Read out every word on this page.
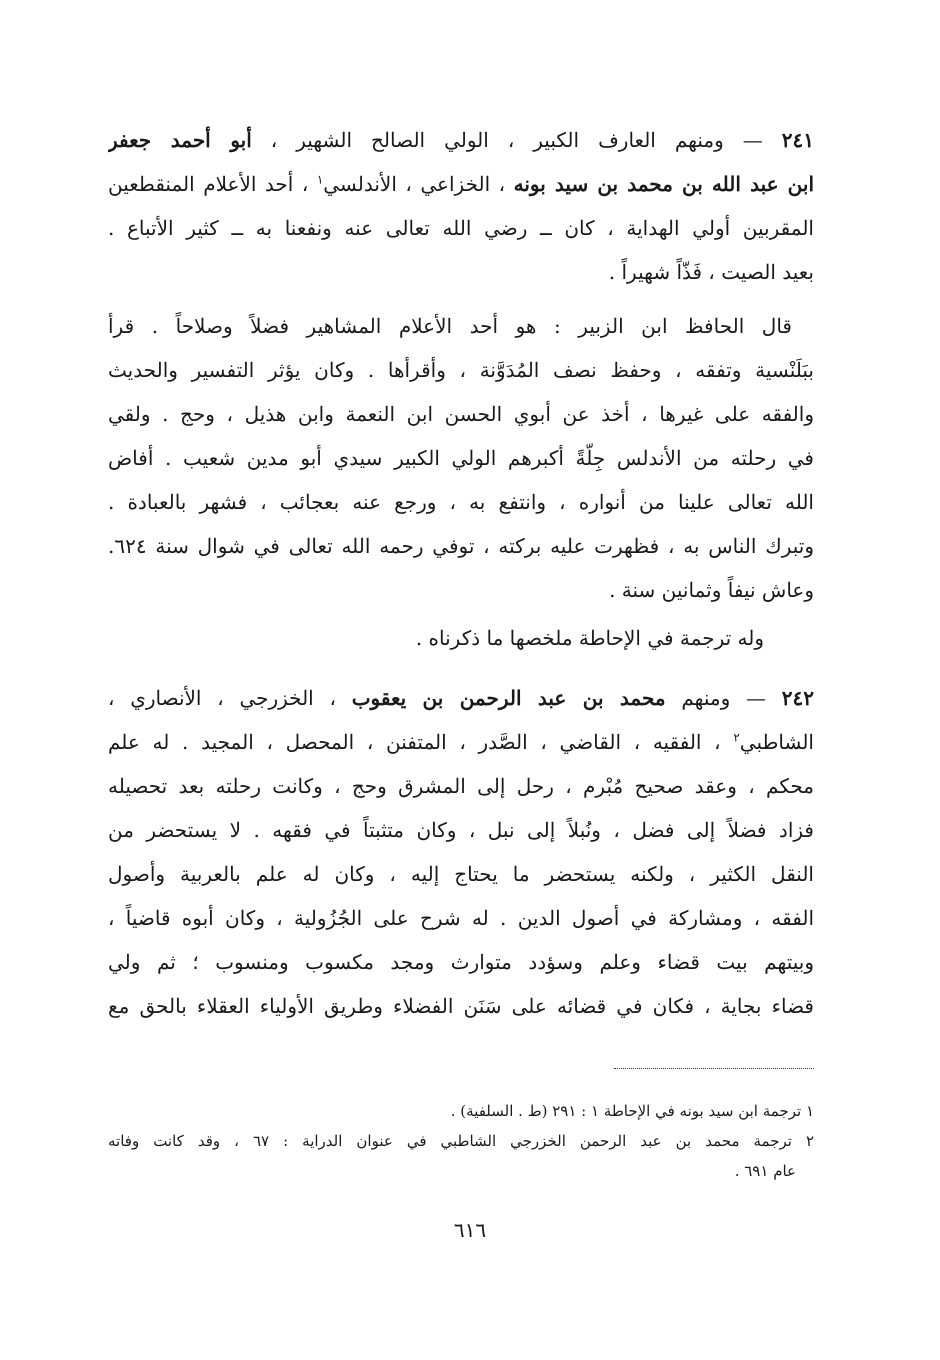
٢٤١ — ومنهم العارف الكبير ، الولي الصالح الشهير ، أبو أحمد جعفر
ابن عبد الله بن محمد بن سيد بونه ، الخزاعي ، الأندلسي$^١$ ، أحد الأعلام المنقطعين
المقربين أولي الهداية ، كان ــ رضي الله تعالى عنه ونفعنا به ــ كثير الأتباع .
بعيد الصيت ، فَذّاً شهيراً .
قال الحافظ ابن الزبير : هو أحد الأعلام المشاهير فضلاً وصلاحاً . قرأ
ببَلَنْسية وتفقه ، وحفظ نصف المُدَوَّنة ، وأقرأها . وكان يؤثر التفسير والحديث
والفقه على غيرها ، أخذ عن أبوي الحسن ابن النعمة وابن هذيل ، وحج . ولقي
في رحلته من الأندلس جِلّةً أكبرهم الولي الكبير سيدي أبو مدين شعيب . أفاض
الله تعالى علينا من أنواره ، وانتفع به ، ورجع عنه بعجائب ، فشهر بالعبادة .
وتبرك الناس به ، فظهرت عليه بركته ، توفي رحمه الله تعالى في شوال سنة ٦٢٤.
وعاش نيفاً وثمانين سنة .
وله ترجمة في الإحاطة ملخصها ما ذكرناه .
٢٤٢ — ومنهم محمد بن عبد الرحمن بن يعقوب ، الخزرجي ، الأنصاري ،
الشاطبي$^٢$ ، الفقيه ، القاضي ، الصَّدر ، المتفنن ، المحصل ، المجيد . له علم
محكم ، وعقد صحيح مُبْرم ، رحل إلى المشرق وحج ، وكانت رحلته بعد تحصيله
فزاد فضلاً إلى فضل ، ونُبلاً إلى نبل ، وكان متثبتاً في فقهه . لا يستحضر من
النقل الكثير ، ولكنه يستحضر ما يحتاج إليه ، وكان له علم بالعربية وأصول
الفقه ، ومشاركة في أصول الدين . له شرح على الجُزُولية ، وكان أبوه قاضياً ،
وبيتهم بيت قضاء وعلم وسؤدد متوارث ومجد مكسوب ومنسوب ؛ ثم ولي
قضاء بجاية ، فكان في قضائه على سَنَن الفضلاء وطريق الأولياء العقلاء بالحق مع
١ ترجمة ابن سيد بونه في الإحاطة ١ : ٢٩١ (ط . السلفية) .
٢ ترجمة محمد بن عبد الرحمن الخزرجي الشاطبي في عنوان الدراية : ٦٧ ، وقد كانت وفاته
عام ٦٩١ .
٦١٦
